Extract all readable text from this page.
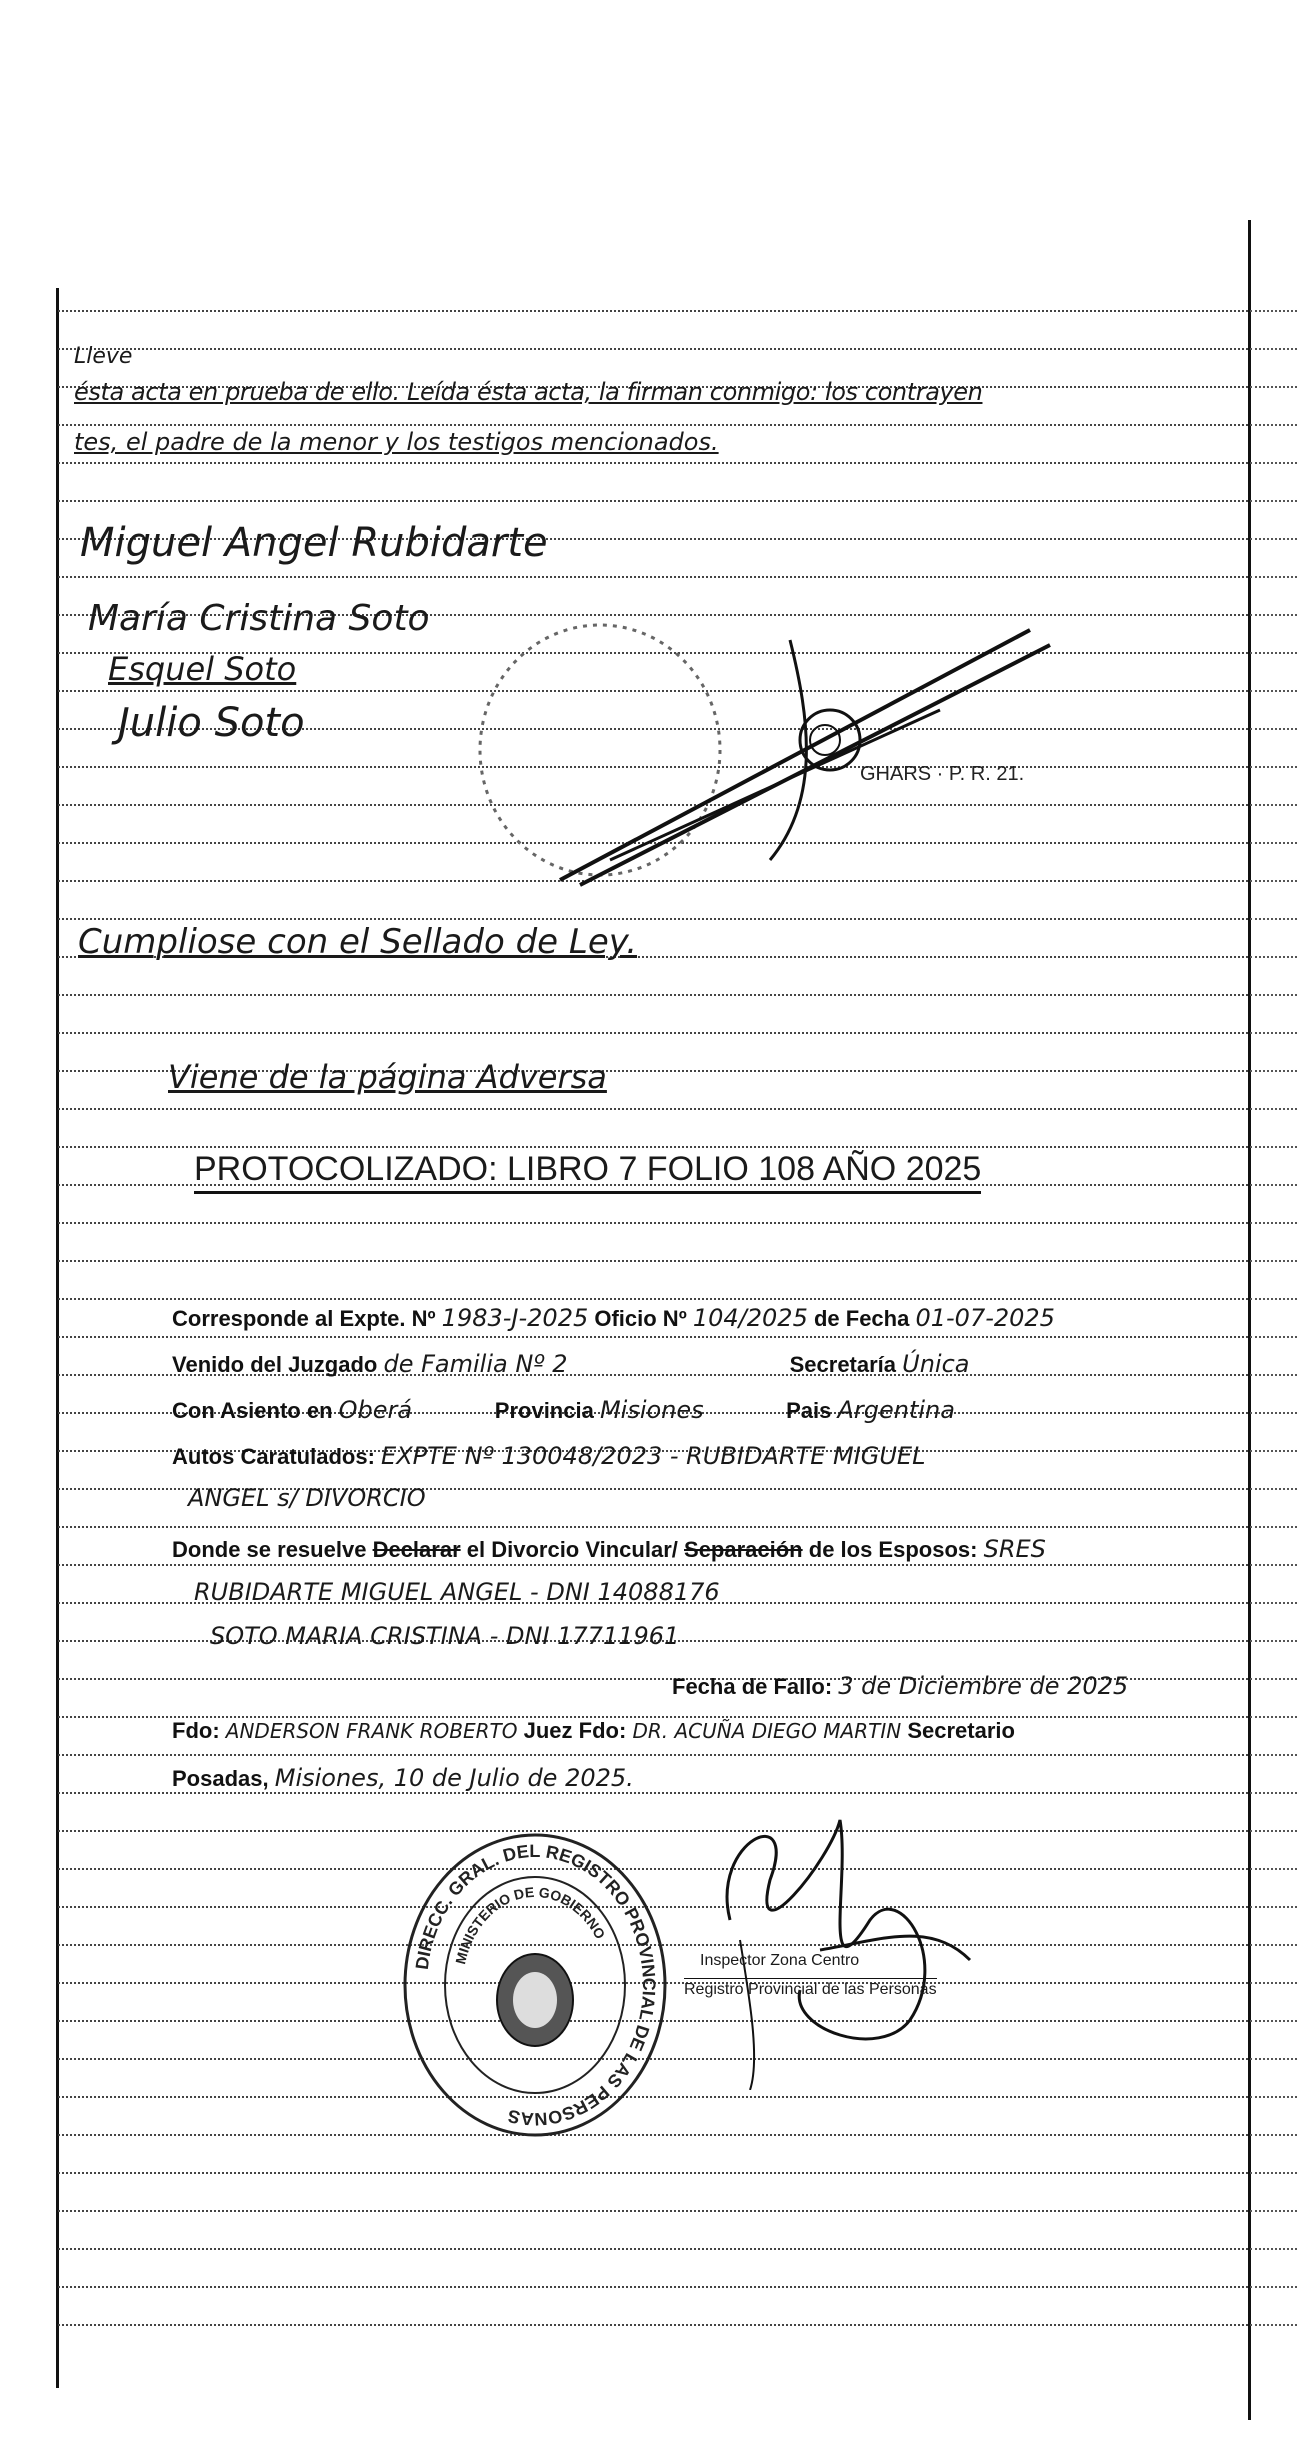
Lleve
ésta acta en prueba de ello. Leída ésta acta, la firman conmigo: los contrayen
tes, el padre de la menor y los testigos mencionados.
Miguel Angel Rubidarte
María Cristina Soto
Esquel Soto
Julio Soto
GHARS · P. R. 21.
Cumpliose con el Sellado de Ley.
Viene de la página Adversa
PROTOCOLIZADO: LIBRO 7 FOLIO 108 AÑO 2025
Corresponde al Expte. Nº 1983-J-2025 Oficio Nº 104/2025 de Fecha 01-07-2025
Venido del Juzgado de Familia Nº 2	Secretaría Única
Con Asiento en Oberá	Provincia Misiones	Pais Argentina
Autos Caratulados: EXPTE Nº 130048/2023 - RUBIDARTE MIGUEL
ANGEL s/ DIVORCIO
Donde se resuelve Declarar el Divorcio Vincular/ Separación de los Esposos: SRES
RUBIDARTE MIGUEL ANGEL - DNI 14088176
SOTO MARIA CRISTINA - DNI 17711961
Fecha de Fallo: 3 de Diciembre de 2025
Fdo: ANDERSON FRANK ROBERTO Juez Fdo: DR. ACUÑA DIEGO MARTIN Secretario
Posadas, Misiones, 10 de Julio de 2025.
DIRECC. GRAL. DEL REGISTRO PROVINCIAL DE LAS PERSONAS
MINISTERIO DE GOBIERNO
Inspector Zona Centro
Registro Provincial de las Personas
